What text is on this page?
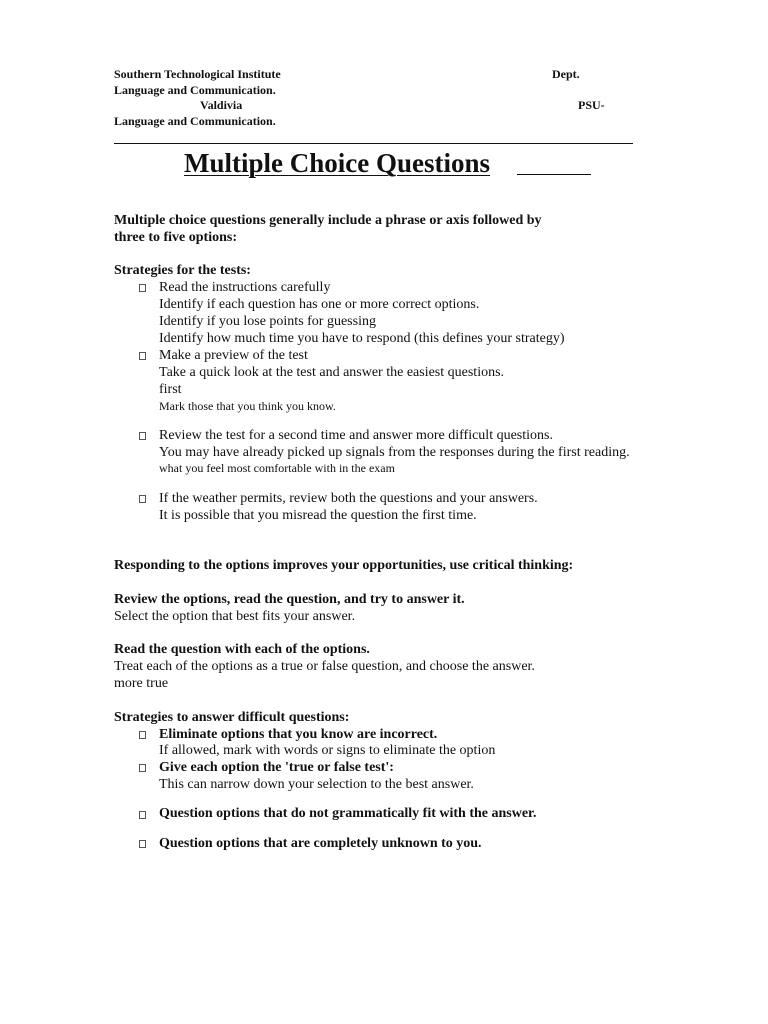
Southern Technological Institute	Dept.
Language and Communication.
Valdivia	PSU-
Language and Communication.
Multiple Choice Questions
Multiple choice questions generally include a phrase or axis followed by
three to five options:
Strategies for the tests:
Read the instructions carefully
Identify if each question has one or more correct options.
Identify if you lose points for guessing
Identify how much time you have to respond (this defines your strategy)
Make a preview of the test
Take a quick look at the test and answer the easiest questions.
first
Mark those that you think you know.
Review the test for a second time and answer more difficult questions.
You may have already picked up signals from the responses during the first reading.
what you feel most comfortable with in the exam
If the weather permits, review both the questions and your answers.
It is possible that you misread the question the first time.
Responding to the options improves your opportunities, use critical thinking:
Review the options, read the question, and try to answer it.
Select the option that best fits your answer.
Read the question with each of the options.
Treat each of the options as a true or false question, and choose the answer.
more true
Strategies to answer difficult questions:
Eliminate options that you know are incorrect.
If allowed, mark with words or signs to eliminate the option
Give each option the 'true or false test':
This can narrow down your selection to the best answer.
Question options that do not grammatically fit with the answer.
Question options that are completely unknown to you.
